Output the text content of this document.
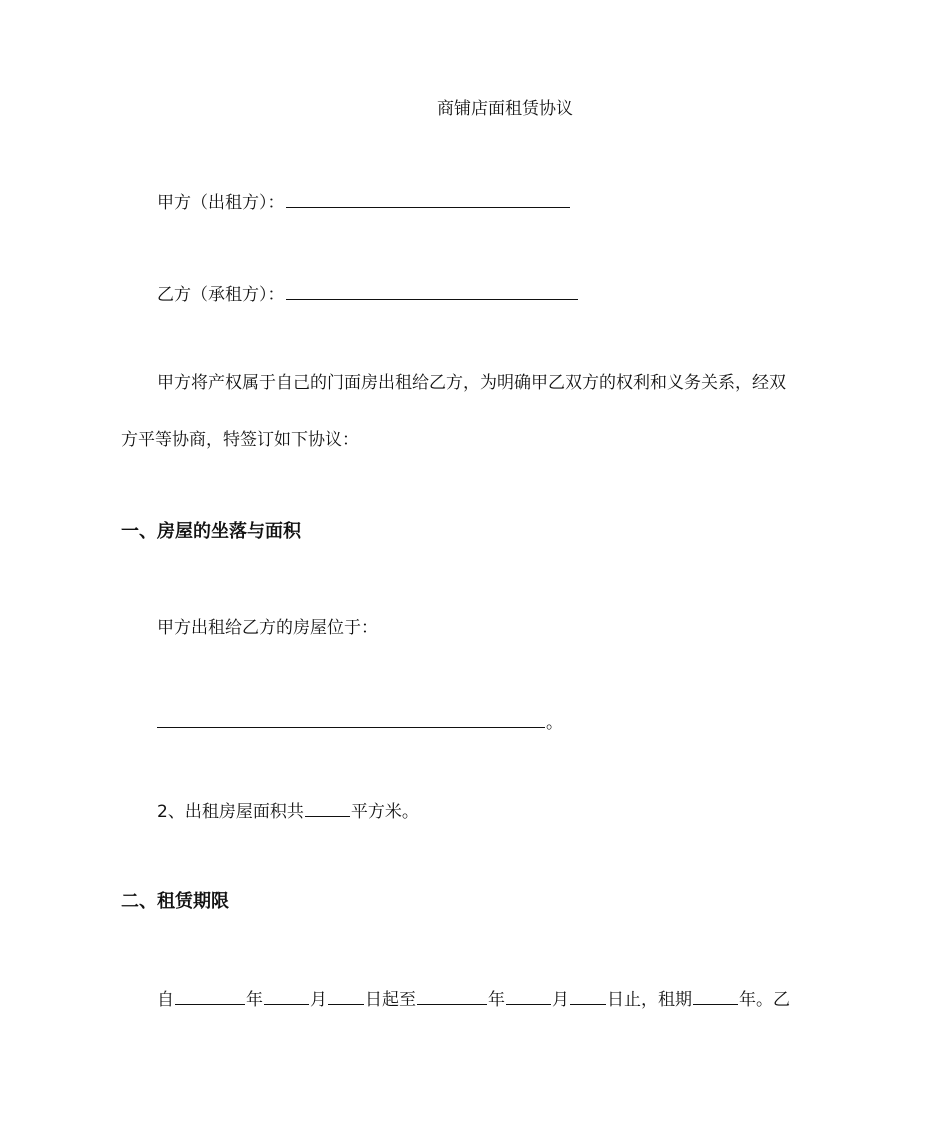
商铺店面租赁协议
甲方（出租方）：
乙方（承租方）：
甲方将产权属于自己的门面房出租给乙方，为明确甲乙双方的权利和义务关系，经双
方平等协商，特签订如下协议：
一、房屋的坐落与面积
甲方出租给乙方的房屋位于：
。
2、出租房屋面积共	平方米。
二、租赁期限
自	年	月 日起至	年	月 日止，租期	年。乙
